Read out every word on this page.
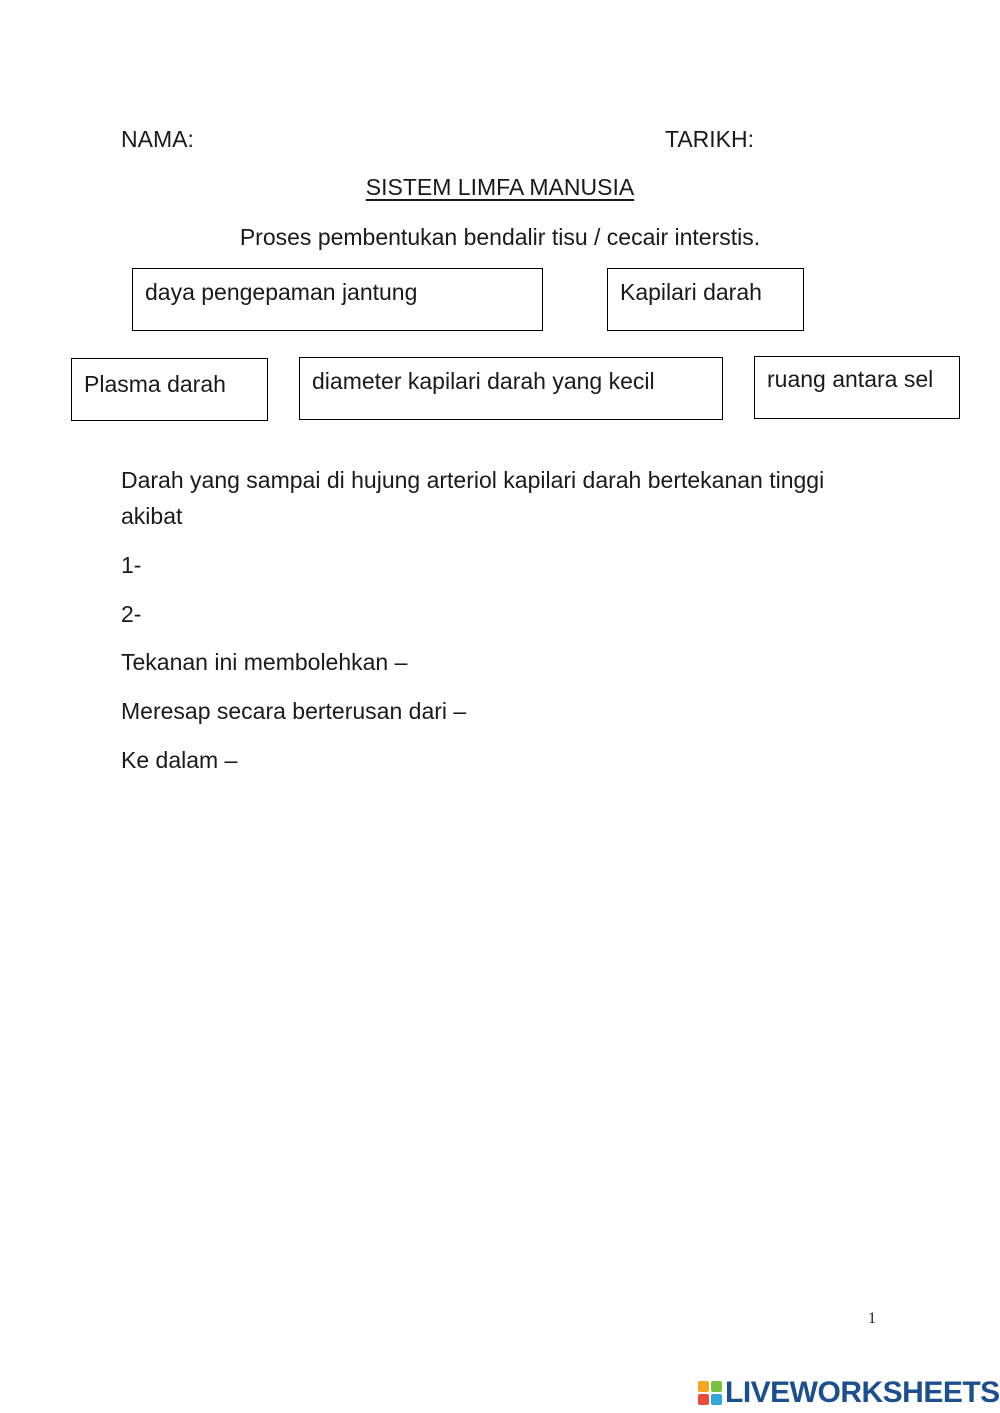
NAMA:	TARIKH:
SISTEM LIMFA MANUSIA
Proses pembentukan bendalir tisu / cecair interstis.
daya pengepaman jantung	Kapilari darah
Plasma darah	diameter kapilari darah yang kecil	ruang antara sel
Darah yang sampai di hujung arteriol kapilari darah bertekanan tinggi
akibat
1-
2-
Tekanan ini membolehkan –
Meresap secara berterusan dari –
Ke dalam –
1
LIVEWORKSHEETS
